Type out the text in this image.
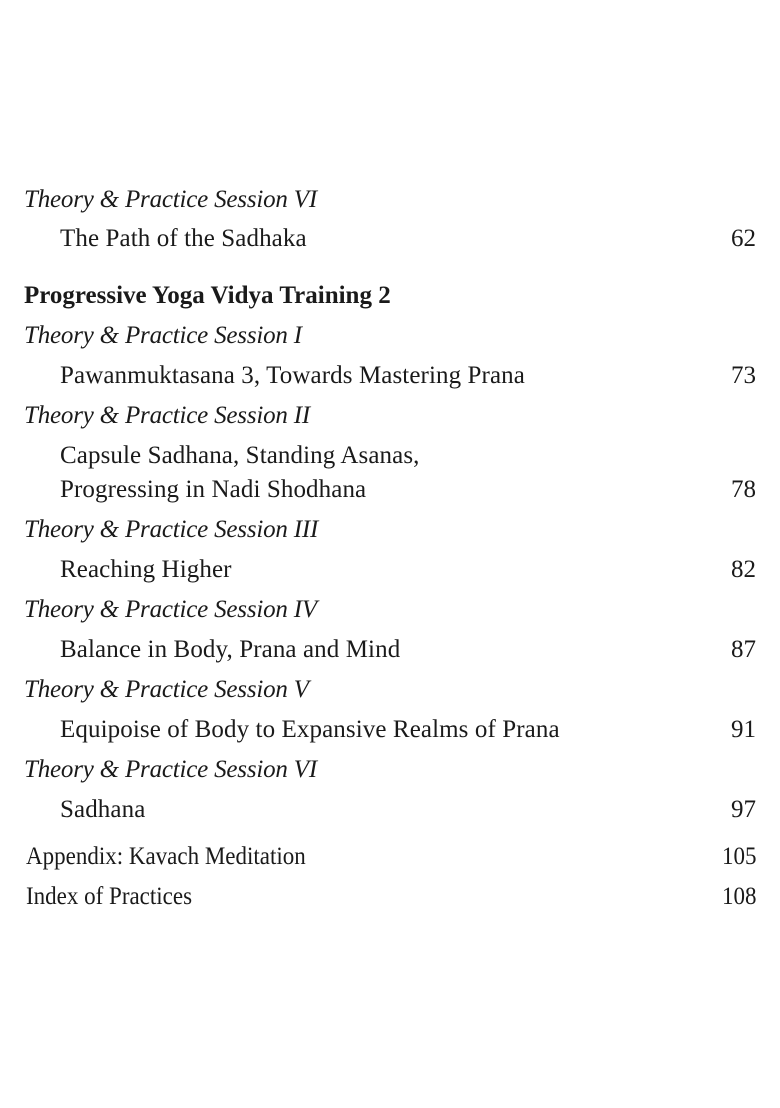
Theory & Practice Session VI
The Path of the Sadhaka	62
Progressive Yoga Vidya Training 2
Theory & Practice Session I
Pawanmuktasana 3, Towards Mastering Prana	73
Theory & Practice Session II
Capsule Sadhana, Standing Asanas,
Progressing in Nadi Shodhana	78
Theory & Practice Session III
Reaching Higher	82
Theory & Practice Session IV
Balance in Body, Prana and Mind	87
Theory & Practice Session V
Equipoise of Body to Expansive Realms of Prana	91
Theory & Practice Session VI
Sadhana	97
Appendix: Kavach Meditation	105
Index of Practices	108
